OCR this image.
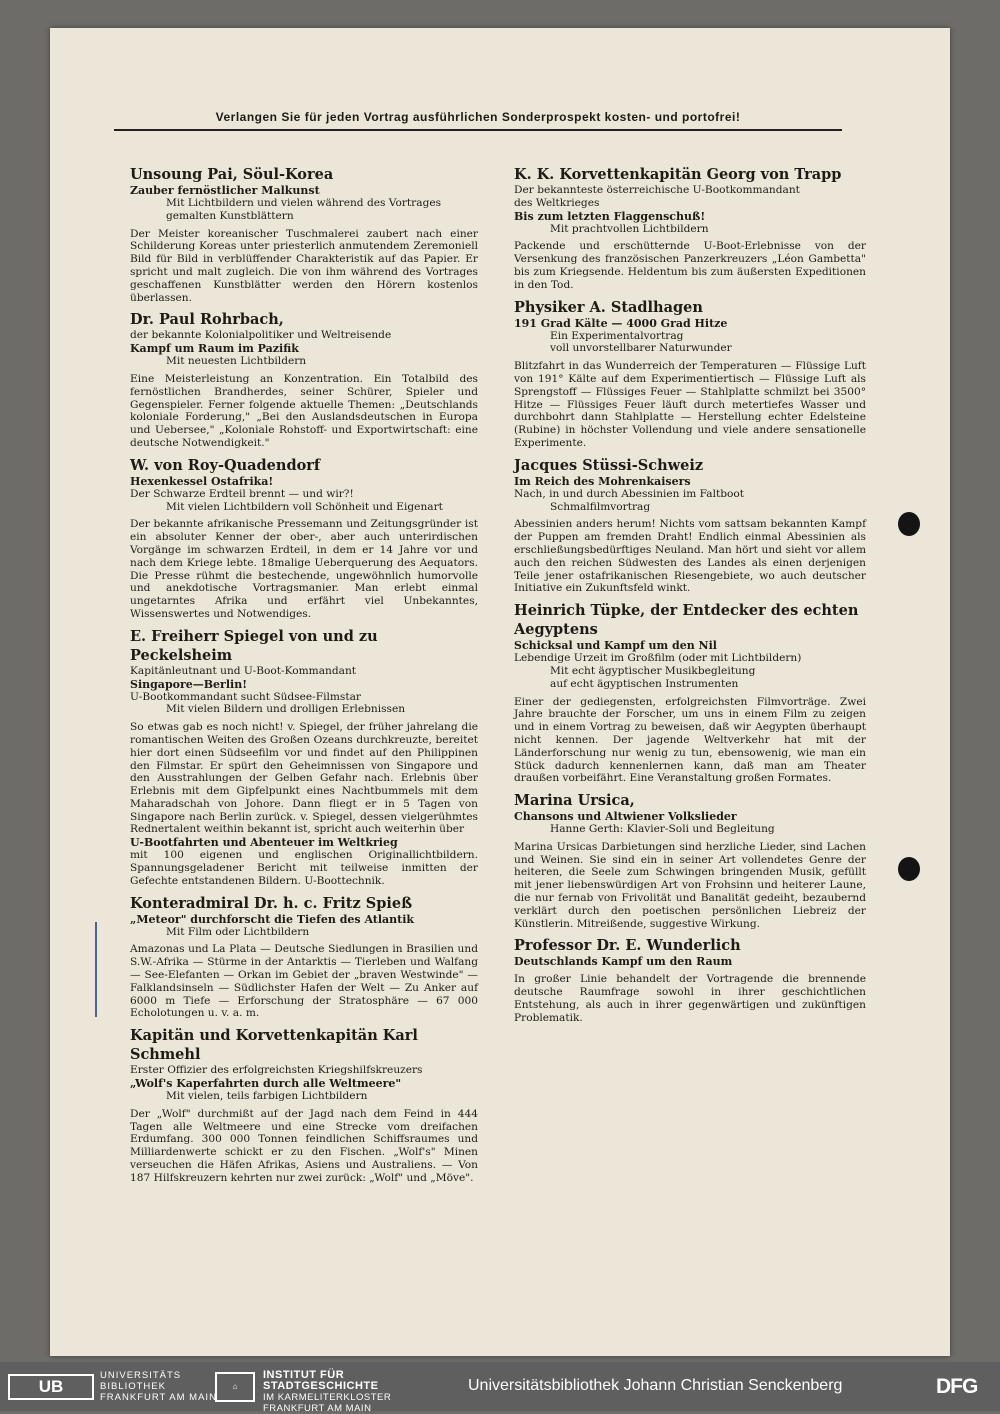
Verlangen Sie für jeden Vortrag ausführlichen Sonderprospekt kosten- und portofrei!
Unsoung Pai, Söul-Korea
Zauber fernöstlicher Malkunst
Mit Lichtbildern und vielen während des Vortrages
gemalten Kunstblättern
Der Meister koreanischer Tuschmalerei zaubert nach einer Schilderung Koreas unter priesterlich anmutendem Zeremoniell Bild für Bild in verblüffender Charakteristik auf das Papier. Er spricht und malt zugleich. Die von ihm während des Vortrages geschaffenen Kunstblätter werden den Hörern kostenlos überlassen.
Dr. Paul Rohrbach,
der bekannte Kolonialpolitiker und Weltreisende
Kampf um Raum im Pazifik
Mit neuesten Lichtbildern
Eine Meisterleistung an Konzentration. Ein Totalbild des fernöstlichen Brandherdes, seiner Schürer, Spieler und Gegenspieler. Ferner folgende aktuelle Themen: „Deutschlands koloniale Forderung," „Bei den Auslandsdeutschen in Europa und Uebersee," „Koloniale Rohstoff- und Exportwirtschaft: eine deutsche Notwendigkeit."
W. von Roy-Quadendorf
Hexenkessel Ostafrika!
Der Schwarze Erdteil brennt — und wir?!
Mit vielen Lichtbildern voll Schönheit und Eigenart
Der bekannte afrikanische Pressemann und Zeitungsgründer ist ein absoluter Kenner der ober-, aber auch unterirdischen Vorgänge im schwarzen Erdteil, in dem er 14 Jahre vor und nach dem Kriege lebte. 18malige Ueberquerung des Aequators. Die Presse rühmt die bestechende, ungewöhnlich humorvolle und anekdotische Vortragsmanier. Man erlebt einmal ungetarntes Afrika und erfährt viel Unbekanntes, Wissenswertes und Notwendiges.
E. Freiherr Spiegel von und zu Peckelsheim
Kapitänleutnant und U-Boot-Kommandant
Singapore—Berlin!
U-Bootkommandant sucht Südsee-Filmstar
Mit vielen Bildern und drolligen Erlebnissen
So etwas gab es noch nicht! v. Spiegel, der früher jahrelang die romantischen Weiten des Großen Ozeans durchkreuzte, bereitet hier dort einen Südseefilm vor und findet auf den Philippinen den Filmstar. Er spürt den Geheimnissen von Singapore und den Ausstrahlungen der Gelben Gefahr nach. Erlebnis über Erlebnis mit dem Gipfelpunkt eines Nachtbummels mit dem Maharadschah von Johore. Dann fliegt er in 5 Tagen von Singapore nach Berlin zurück. v. Spiegel, dessen vielgerühmtes Rednertalent weithin bekannt ist, spricht auch weiterhin über
U-Bootfahrten und Abenteuer im Weltkrieg
mit 100 eigenen und englischen Originallichtbildern. Spannungsgeladener Bericht mit teilweise inmitten der Gefechte entstandenen Bildern. U-Boottechnik.
Konteradmiral Dr. h. c. Fritz Spieß
„Meteor" durchforscht die Tiefen des Atlantik
Mit Film oder Lichtbildern
Amazonas und La Plata — Deutsche Siedlungen in Brasilien und S.W.-Afrika — Stürme in der Antarktis — Tierleben und Walfang — See-Elefanten — Orkan im Gebiet der „braven Westwinde" — Falklandsinseln — Südlichster Hafen der Welt — Zu Anker auf 6000 m Tiefe — Erforschung der Stratosphäre — 67 000 Echolotungen u. v. a. m.
Kapitän und Korvettenkapitän Karl Schmehl
Erster Offizier des erfolgreichsten Kriegshilfskreuzers
„Wolf's Kaperfahrten durch alle Weltmeere"
Mit vielen, teils farbigen Lichtbildern
Der „Wolf" durchmißt auf der Jagd nach dem Feind in 444 Tagen alle Weltmeere und eine Strecke vom dreifachen Erdumfang. 300 000 Tonnen feindlichen Schiffsraumes und Milliardenwerte schickt er zu den Fischen. „Wolf's" Minen verseuchen die Häfen Afrikas, Asiens und Australiens. — Von 187 Hilfskreuzern kehrten nur zwei zurück: „Wolf" und „Möve".
K. K. Korvettenkapitän Georg von Trapp
Der bekannteste österreichische U-Bootkommandant
des Weltkrieges
Bis zum letzten Flaggenschuß!
Mit prachtvollen Lichtbildern
Packende und erschütternde U-Boot-Erlebnisse von der Versenkung des französischen Panzerkreuzers „Léon Gambetta" bis zum Kriegsende. Heldentum bis zum äußersten Expeditionen in den Tod.
Physiker A. Stadlhagen
191 Grad Kälte — 4000 Grad Hitze
Ein Experimentalvortrag
voll unvorstellbarer Naturwunder
Blitzfahrt in das Wunderreich der Temperaturen — Flüssige Luft von 191° Kälte auf dem Experimentiertisch — Flüssige Luft als Sprengstoff — Flüssiges Feuer — Stahlplatte schmilzt bei 3500° Hitze — Flüssiges Feuer läuft durch metertiefes Wasser und durchbohrt dann Stahlplatte — Herstellung echter Edelsteine (Rubine) in höchster Vollendung und viele andere sensationelle Experimente.
Jacques Stüssi-Schweiz
Im Reich des Mohrenkaisers
Nach, in und durch Abessinien im Faltboot
Schmalfilmvortrag
Abessinien anders herum! Nichts vom sattsam bekannten Kampf der Puppen am fremden Draht! Endlich einmal Abessinien als erschließungsbedürftiges Neuland. Man hört und sieht vor allem auch den reichen Südwesten des Landes als einen derjenigen Teile jener ostafrikanischen Riesengebiete, wo auch deutscher Initiative ein Zukunftsfeld winkt.
Heinrich Tüpke, der Entdecker des echten Aegyptens
Schicksal und Kampf um den Nil
Lebendige Urzeit im Großfilm (oder mit Lichtbildern)
Mit echt ägyptischer Musikbegleitung
auf echt ägyptischen Instrumenten
Einer der gediegensten, erfolgreichsten Filmvorträge. Zwei Jahre brauchte der Forscher, um uns in einem Film zu zeigen und in einem Vortrag zu beweisen, daß wir Aegypten überhaupt nicht kennen. Der jagende Weltverkehr hat mit der Länderforschung nur wenig zu tun, ebensowenig, wie man ein Stück dadurch kennenlernen kann, daß man am Theater draußen vorbeifährt. Eine Veranstaltung großen Formates.
Marina Ursica,
Chansons und Altwiener Volkslieder
Hanne Gerth: Klavier-Soli und Begleitung
Marina Ursicas Darbietungen sind herzliche Lieder, sind Lachen und Weinen. Sie sind ein in seiner Art vollendetes Genre der heiteren, die Seele zum Schwingen bringenden Musik, gefüllt mit jener liebenswürdigen Art von Frohsinn und heiterer Laune, die nur fernab von Frivolität und Banalität gedeiht, bezaubernd verklärt durch den poetischen persönlichen Liebreiz der Künstlerin. Mitreißende, suggestive Wirkung.
Professor Dr. E. Wunderlich
Deutschlands Kampf um den Raum
In großer Linie behandelt der Vortragende die brennende deutsche Raumfrage sowohl in ihrer geschichtlichen Entstehung, als auch in ihrer gegenwärtigen und zukünftigen Problematik.
UB
UNIVERSITÄTS
BIBLIOTHEK
FRANKFURT AM MAIN
⌂
INSTITUT FÜR
STADTGESCHICHTE
IM KARMELITERKLOSTER
FRANKFURT AM MAIN
Universitätsbibliothek Johann Christian Senckenberg	DFG
